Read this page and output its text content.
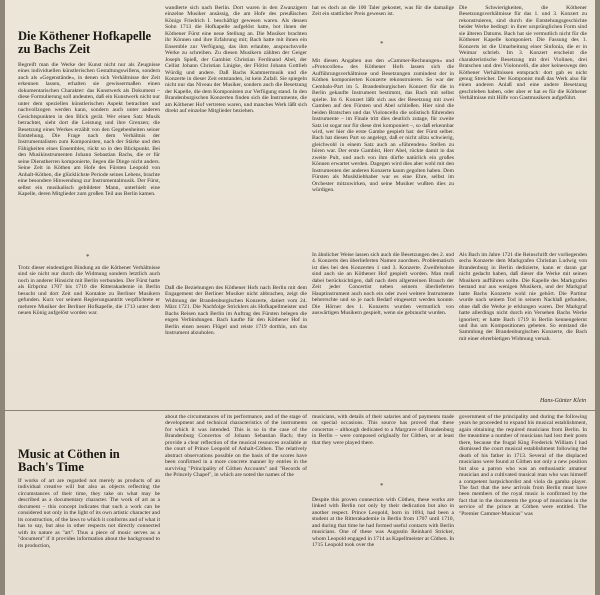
Die Köthener Hofkapelle zu Bachs Zeit

Begreift man die Werke der Kunst nicht nur als Zeugnisse eines individuellen künstlerischen Gestaltungswillens, sondern auch als »Gegenstände«, in denen sich Verhältnisse der Zeit erkennen lassen, erhalten sie gewissermaßen einen dokumentarischen Charakter: das Kunstwerk als Dokument – diese Formulierung soll andeuten, daß ein Kunstwerk nicht nur unter dem speziellen künstlerischen Aspekt betrachtet und nachvollzogen werden kann, sondern auch unter anderen Gesichtspunkten in den Blick gerät. Wer einen Satz Musik betrachtet, sieht dort die Leistung und ihre Grenzen; die Besetzung eines Werkes erzählt von den Gegebenheiten seiner Entstehung. Die Frage nach dem Verhältnis der Instrumentalisten zum Komponisten, nach der Stärke und den Fähigkeiten eines Ensembles, rückt so in den Blickpunkt. Bei den Musikinstrumenten Johann Sebastian Bachs, die er für seine Dienstherren komponierte, liegen die Dinge nicht anders. Seine Zeit in Köthen am Hofe des Fürsten Leopold von Anhalt-Köthen, die glücklichste Periode seines Lebens, brachte eine besondere Hinwendung zur Instrumentalmusik. Der Fürst, selbst ein musikalisch gebildeter Mann, unterhielt eine Kapelle, deren Mitglieder zum großen Teil aus Berlin kamen.

*

Trotz dieser eindeutigen Bindung an die Köthener Verhältnisse sind sie nicht nur durch die Widmung sondern letztlich auch noch in anderer Hinsicht mit Berlin verbunden. Der Fürst hatte als Erbprinz 1707 bis 1710 die Ritterakademie in Berlin besucht und dort Zeit und Kontakte zu Berliner Musikern gefunden. Kurz vor seinem Regierungsantritt verpflichtete er mehrere Musiker der Berliner Hofkapelle, die 1713 unter dem neuen König aufgelöst worden war.

wandlerte sich nach Berlin. Dort waren in den Zwanzigern einzelne Musiker ansässig, die am Hofe des preußischen Königs Friedrich I. beschäftigt gewesen waren. Als dessen Sohn 1713 die Hofkapelle aufgelöst hatte, bot ihnen der Köthener Fürst eine neue Stellung an. Die Musiker brachten ihr Können und ihre Erfahrung mit; Bach hatte mit ihnen ein Ensemble zur Verfügung, das ihm erlaubte, anspruchsvolle Werke zu schreiben. Zu diesen Musikern zählten der Geiger Joseph Spieß, der Gambist Christian Ferdinand Abel, der Cellist Johann Christian Linigke, der Flötist Johann Gottlieb Würdig und andere. Daß Bachs Kammermusik und die Konzerte in dieser Zeit entstanden, ist kein Zufall. Sie spiegeln nicht nur das Niveau der Musiker, sondern auch die Besetzung der Kapelle, die dem Komponisten zur Verfügung stand. In den Brandenburgischen Konzerten finden sich die Instrumente, die am Köthener Hof vertreten waren, und manches Werk läßt sich direkt auf einzelne Mitglieder beziehen.

Daß die Beziehungen des Köthener Hofs nach Berlin mit dem Engagement der Berliner Musiker nicht abbrachen, zeigt die Widmung der Brandenburgischen Konzerte, datiert vom 24. März 1721. Die Nachfolge Stricklers als Hofkapellmeister und Bachs Reisen nach Berlin im Auftrag des Fürsten belegen die engen Verbindungen. Bach kaufte für den Köthener Hof in Berlin einen neuen Flügel und reiste 1719 dorthin, um das Instrument abzuholen.

hat es doch an die 100 Taler gekostet, was für die damalige Zeit ein stattlicher Preis gewesen ist.

*

Mit diesen Angaben aus den »Cammer-Rechnungen« und »Protocollen« des Köthener Hofs lassen sich die Aufführungsverhältnisse und Besetzungen zumindest der in Köthen komponierten Konzerte rekonstruieren. So war der Cembalo-Part im 5. Brandenburgischen Konzert für die in Berlin gekaufte Instrument bestimmt, das Bach mit selbst spielte. Im 6. Konzert läßt sich aus der Besetzung mit zwei Gamben auf den Fürsten und Abel schließen. Hier sind die beiden Bratschen und das Violoncello die solistisch führenden Instrumente – im Finale tritt dies deutlich zutage, für zweite Satz ist sogar nur für diese drei komponiert –, so daß erkennbar wird, wer hier die erste Gambe gespielt hat: der Fürst selber. Bach hat diesen Part so angelegt, daß er nicht allzu schwierig, gleichwohl in einem Satz auch an »führenden« Stellen zu hören war. Der erste Gambist, Herr Abel, rückte damit in das zweite Pult, und auch von ihm dürfte natürlich ein großes Können erwartet werden. Dagegen wird dies aber wohl mit den Instrumenten der anderen Konzerte kaum gegolten haben. Dem Fürsten als Musikliebhaber war es eine Ehre, selbst im Orchester mitzuwirken, und seine Musiker wußten dies zu würdigen.

In ähnlicher Weise lassen sich auch die Besetzungen des 2. und 4. Konzerts den überlieferten Namen zuordnen. Problematisch ist dies bei den Konzerten 1 und 3. Konzerte. Zweifelsohne sind auch sie an Köthener Hof gespielt worden. Man muß dabei berücksichtigen, daß nach dem allgemeinen Brauch der Zeit jeder Concertist neben seinem überlieferten Hauptinstrument auch noch ein oder zwei weitere Instrumente beherrschte und so je nach Bedarf eingesetzt werden konnte. Die Hörner des 1. Konzerts wurden vermutlich von auswärtigen Musikern gespielt, wenn sie gebraucht wurden.

Die Schwierigkeiten, die Köthener Besetzungsverhältnisse für das 1. und 3. Konzert zu rekonstruieren, sind durch die Entstehungsgeschichte beider Werke bedingt: in ihrer ursprünglichen Form sind sie älteren Datums. Bach hat sie vermutlich nicht für die Köthener Kapelle komponiert. Die Fassung des 1. Konzerts ist die Umarbeitung einer Sinfonia, die er in Weimar schrieb. Im 3. Konzert erscheint die charakteristische Besetzung mit drei Violinen, drei Bratschen und drei Violoncelli, die aber keineswegs den Köthener Verhältnissen entsprach: dort gab es nicht genug Streicher. Der Komponist muß das Werk also für einen anderen Anlaß und eine andere Besetzung geschrieben haben, oder aber er hat es für die Köthener Verhältnisse mit Hilfe von Gastmusikern aufgeführt.

Als Bach im Jahre 1721 die Reinschrift der vorliegenden sechs Konzerte dem Markgrafen Christian Ludwig von Brandenburg in Berlin dedizierte, kann er daran gar nicht gedacht haben, daß dieser die Werke mit seinen Musikern aufführen sollte. Die Kapelle des Markgrafen bestand nur aus wenigen Musikern, und der Markgraf hatte Bachs Konzerte wohl nie gehört. Die Partitur wurde nach seinem Tod in seinem Nachlaß gefunden, ohne daß die Werke je erklungen waren. Der Markgraf hatte allerdings nicht durch ein Versehen Bachs Werke ignoriert; er hatte Bach 1719 in Berlin kennengelernt und ihn um Kompositionen gebeten. So entstand die Sammlung der Brandenburgischen Konzerte, die Bach mit einer ehrerbietigen Widmung versah.

Hans-Günter Klein
Music at Cöthen in Bach's Time

If works of art are regarded not merely as products of an individual creative will but also as objects reflecting the circumstances of their time, they take on what may be described as a documentary character. The work of art as a document – this concept indicates that such a work can be considered not only in the light of its own artistic character and its construction, of the laws to which it conforms and of what it has to say, but also in other respects not directly connected with its nature as "art". Thus a piece of music serves as a "document" if it provides information about the background to its production,

about the circumstances of its performance, and of the stage of development and technical characteristics of the instruments for which it was intended. This is so in the case of the Brandenburg Concertos of Johann Sebastian Bach; they provide a clear reflection of the musical resources available at the court of Prince Leopold of Anhalt-Cöthen. The relatively abstract observations possible on the basis of the scores have been confirmed in a more concrete manner by entries in the surviving "Principality of Cöthen Accounts" and "Records of the Princely Chapel", in which are noted the names of the

musicians, with details of their salaries and of payments made on special occasions. This source has proved that these concertos – although dedicated to a Margrave of Brandenburg in Berlin – were composed originally for Cöthen, or at least that they were played there.

*

Despite this proven connection with Cöthen, these works are linked with Berlin not only by their dedication but also in another respect. Prince Leopold, born in 1694, had been a student at the Ritterakademie in Berlin from 1707 until 1710, and during that time he had formed useful contacts with Berlin musicians. One of these was Augustin Reinhard Stricker, whom Leopold engaged in 1714 as Kapellmeister at Cöthen. In 1715 Leopold took over the

government of the principality and during the following years he proceeded to expand his musical establishment, again obtaining the required musicians from Berlin. In the meantime a number of musicians had lost their posts there, because the frugal King Frederick William I had dismissed the court musical establishment following the death of his father in 1713. Several of the displaced musicians were found at Cöthen not only a new position but also a patron who was an enthusiastic amateur musician and a cultivated musical man who was himself a competent harpsichordist and viola da gamba player. The fact that the new arrivals from Berlin must have been members of the royal music is confirmed by the fact that in the documents the group of musicians in the service of the prince at Cöthen were entitled. The "Premier Cammer-Musicus" was
